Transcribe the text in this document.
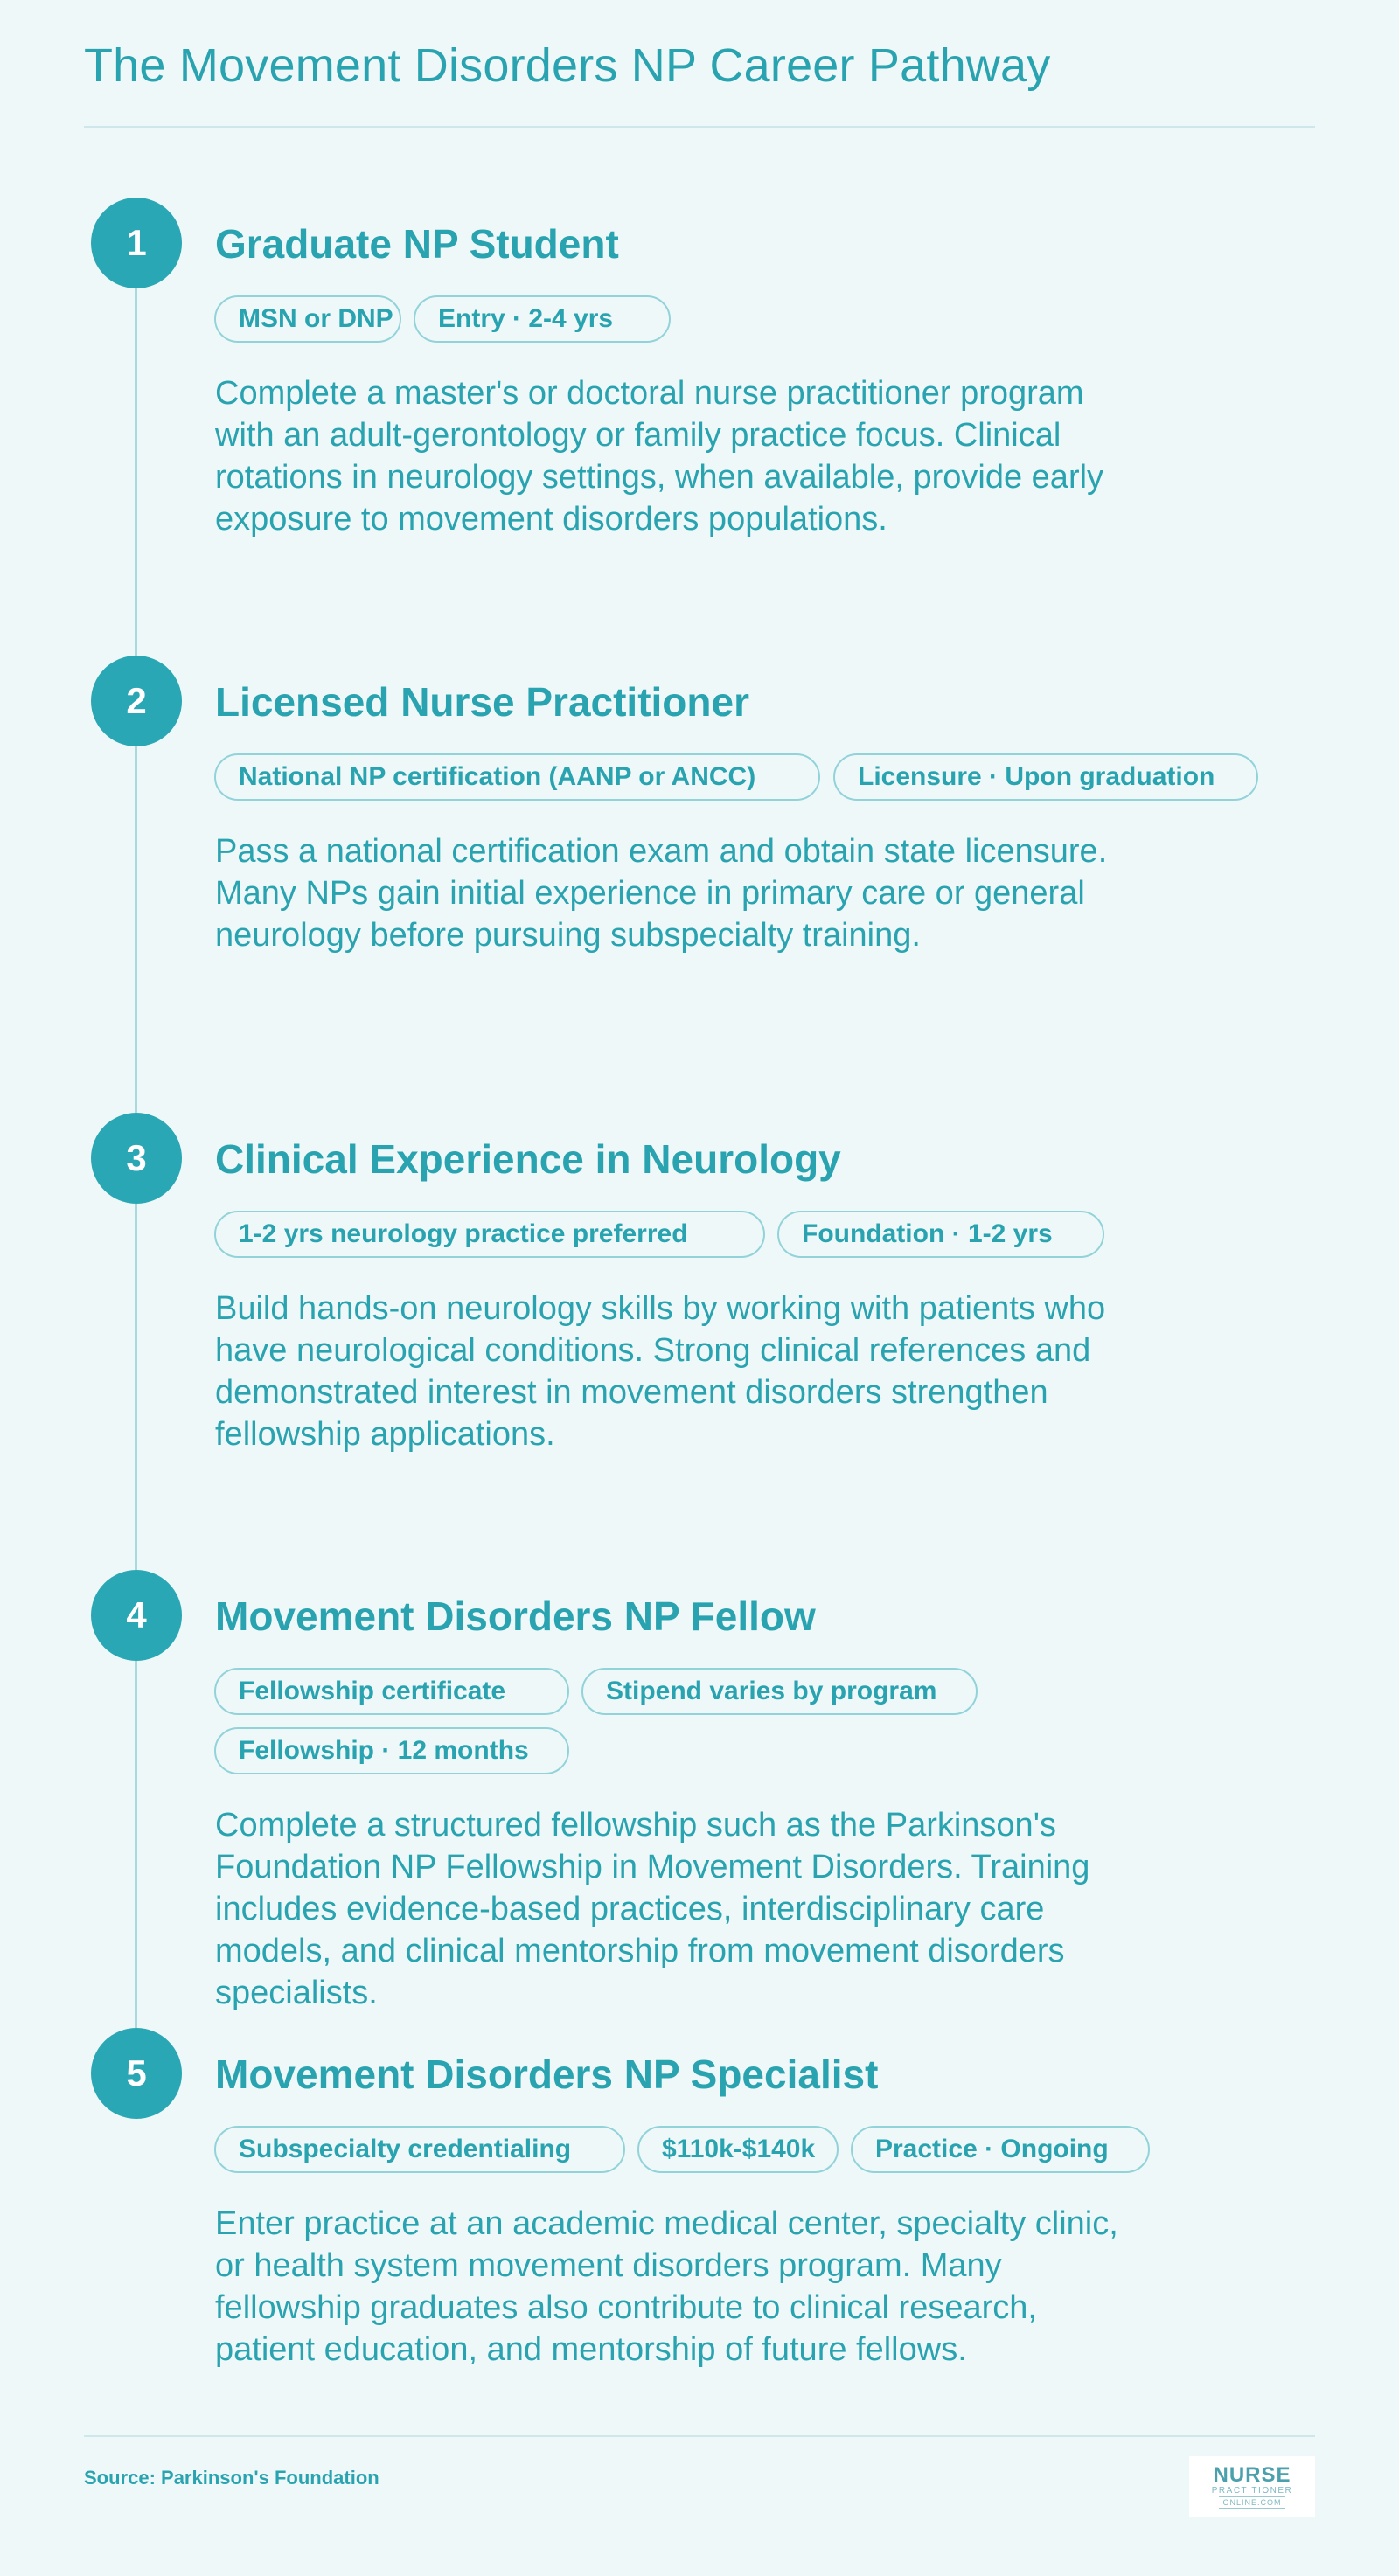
The Movement Disorders NP Career Pathway
1	Graduate NP Student
MSN or DNP	Entry · 2-4 yrs

Complete a master's or doctoral nurse practitioner program with an adult-gerontology or family practice focus. Clinical rotations in neurology settings, when available, provide early exposure to movement disorders populations.

2	Licensed Nurse Practitioner
National NP certification (AANP or ANCC)	Licensure · Upon graduation

Pass a national certification exam and obtain state licensure. Many NPs gain initial experience in primary care or general neurology before pursuing subspecialty training.

3	Clinical Experience in Neurology
1-2 yrs neurology practice preferred	Foundation · 1-2 yrs

Build hands-on neurology skills by working with patients who have neurological conditions. Strong clinical references and demonstrated interest in movement disorders strengthen fellowship applications.

4	Movement Disorders NP Fellow
Fellowship certificate	Stipend varies by program
Fellowship · 12 months

Complete a structured fellowship such as the Parkinson's Foundation NP Fellowship in Movement Disorders. Training includes evidence-based practices, interdisciplinary care models, and clinical mentorship from movement disorders specialists.

5	Movement Disorders NP Specialist
Subspecialty credentialing	$110k-$140k	Practice · Ongoing

Enter practice at an academic medical center, specialty clinic, or health system movement disorders program. Many fellowship graduates also contribute to clinical research, patient education, and mentorship of future fellows.

Source: Parkinson's Foundation	NURSE
PRACTITIONER
ONLINE.COM
